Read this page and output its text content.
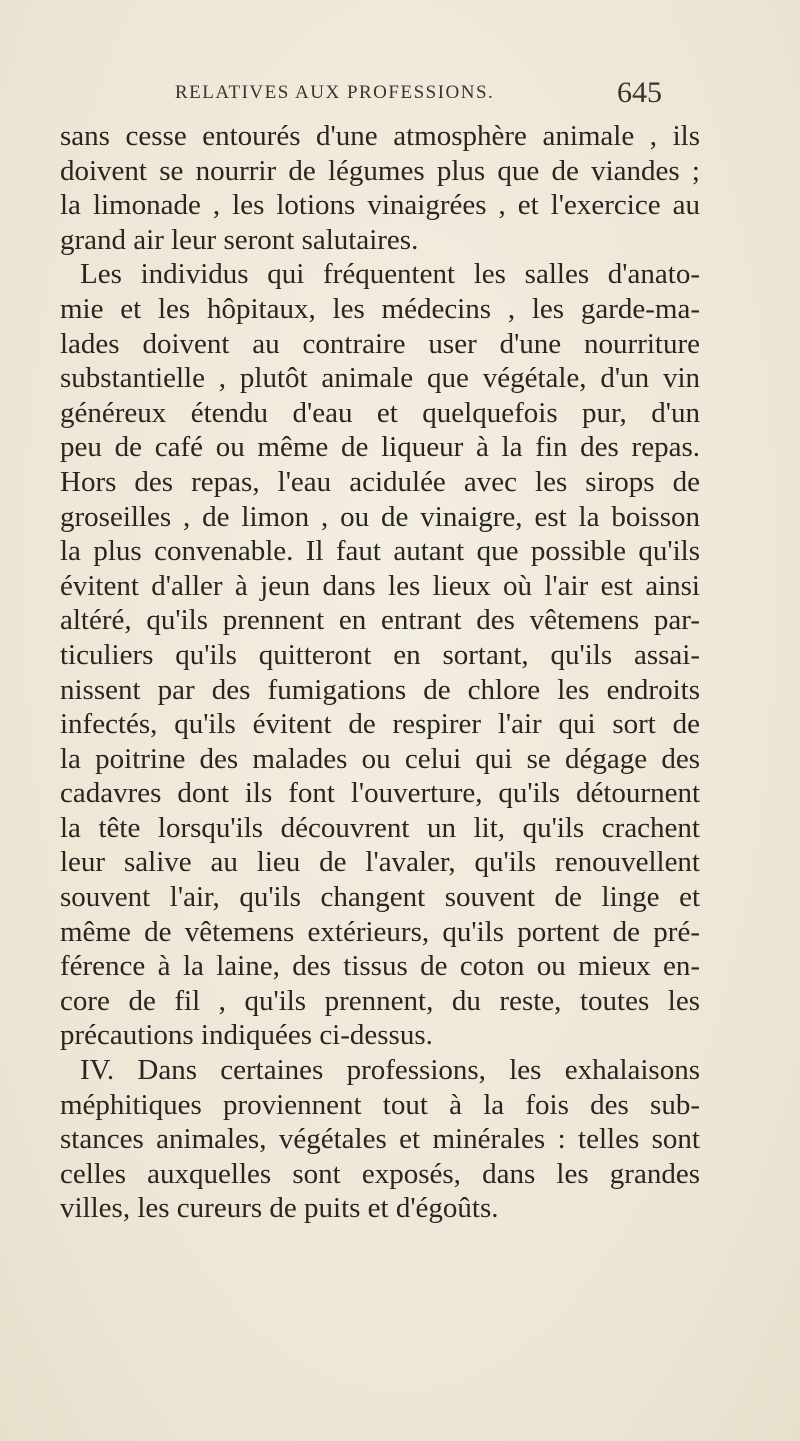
RELATIVES AUX PROFESSIONS.	645
sans cesse entourés d'une atmosphère animale , ils
doivent se nourrir de légumes plus que de viandes ;
la limonade , les lotions vinaigrées , et l'exercice au
grand air leur seront salutaires.
Les individus qui fréquentent les salles d'anato-
mie et les hôpitaux, les médecins , les garde-ma-
lades doivent au contraire user d'une nourriture
substantielle , plutôt animale que végétale, d'un vin
généreux étendu d'eau et quelquefois pur, d'un
peu de café ou même de liqueur à la fin des repas.
Hors des repas, l'eau acidulée avec les sirops de
groseilles , de limon , ou de vinaigre, est la boisson
la plus convenable. Il faut autant que possible qu'ils
évitent d'aller à jeun dans les lieux où l'air est ainsi
altéré, qu'ils prennent en entrant des vêtemens par-
ticuliers qu'ils quitteront en sortant, qu'ils assai-
nissent par des fumigations de chlore les endroits
infectés, qu'ils évitent de respirer l'air qui sort de
la poitrine des malades ou celui qui se dégage des
cadavres dont ils font l'ouverture, qu'ils détournent
la tête lorsqu'ils découvrent un lit, qu'ils crachent
leur salive au lieu de l'avaler, qu'ils renouvellent
souvent l'air, qu'ils changent souvent de linge et
même de vêtemens extérieurs, qu'ils portent de pré-
férence à la laine, des tissus de coton ou mieux en-
core de fil , qu'ils prennent, du reste, toutes les
précautions indiquées ci-dessus.
IV. Dans certaines professions, les exhalaisons
méphitiques proviennent tout à la fois des sub-
stances animales, végétales et minérales : telles sont
celles auxquelles sont exposés, dans les grandes
villes, les cureurs de puits et d'égoûts.
